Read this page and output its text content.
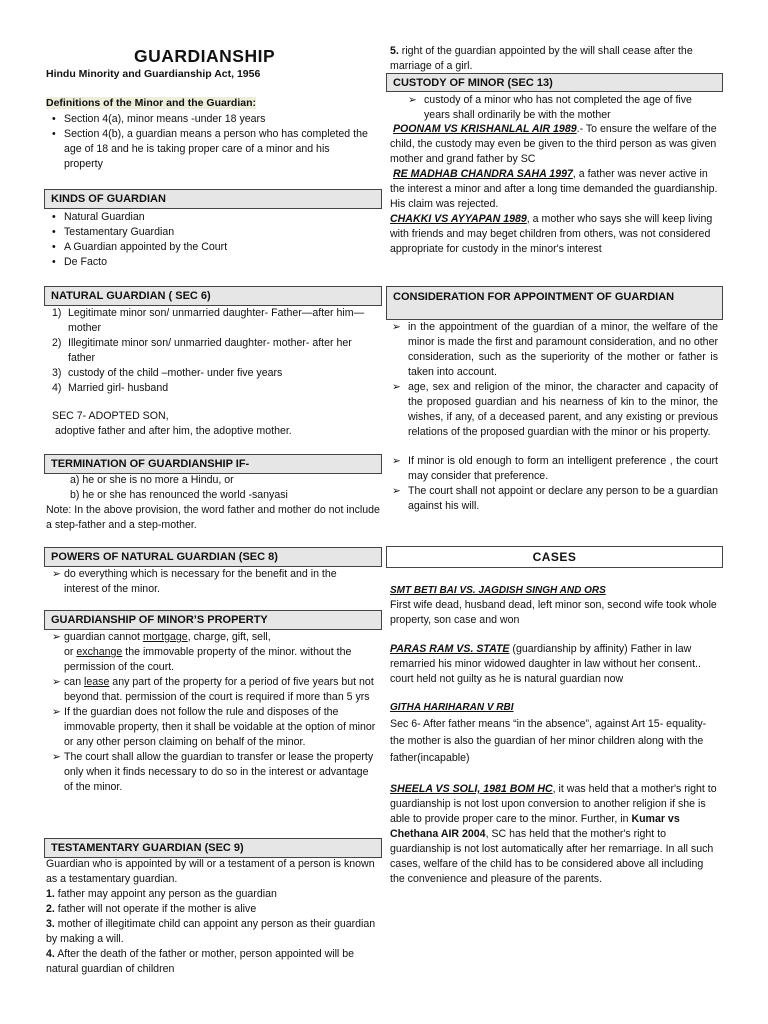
GUARDIANSHIP
Hindu Minority and Guardianship Act, 1956
Definitions of the Minor and the Guardian:
• Section 4(a), minor means -under 18 years
• Section 4(b), a guardian means a person who has completed the age of 18 and he is taking proper care of a minor and his property
KINDS OF GUARDIAN
• Natural Guardian
• Testamentary Guardian
• A Guardian appointed by the Court
• De Facto
NATURAL GUARDIAN ( SEC 6)
1) Legitimate minor son/ unmarried daughter- Father—after him—mother
2) Illegitimate minor son/ unmarried daughter- mother- after her father
3) custody of the child –mother- under five years
4) Married girl- husband
SEC 7- ADOPTED SON,
adoptive father and after him, the adoptive mother.
TERMINATION OF GUARDIANSHIP IF-
a) he or she is no more a Hindu, or
b) he or she has renounced the world -sanyasi
Note: In the above provision, the word father and mother do not include a step-father and a step-mother.
POWERS OF NATURAL GUARDIAN (SEC 8)
➢ do everything which is necessary for the benefit and in the interest of the minor.
GUARDIANSHIP OF MINOR’S PROPERTY
➢ guardian cannot mortgage, charge, gift, sell,
or exchange the immovable property of the minor. without the permission of the court.
➢ can lease any part of the property for a period of five years but not beyond that. permission of the court is required if more than 5 yrs
➢ If the guardian does not follow the rule and disposes of the immovable property, then it shall be voidable at the option of minor or any other person claiming on behalf of the minor.
➢ The court shall allow the guardian to transfer or lease the property only when it finds necessary to do so in the interest or advantage of the minor.
TESTAMENTARY GUARDIAN (SEC 9)
Guardian who is appointed by will or a testament of a person is known as a testamentary guardian.
1. father may appoint any person as the guardian
2. father will not operate if the mother is alive
3. mother of illegitimate child can appoint any person as their guardian by making a will.
4. After the death of the father or mother, person appointed will be natural guardian of children
5. right of the guardian appointed by the will shall cease after the marriage of a girl.
CUSTODY OF MINOR (SEC 13)
➢ custody of a minor who has not completed the age of five years shall ordinarily be with the mother
POONAM VS KRISHANLAL AIR 1989.- To ensure the welfare of the child, the custody may even be given to the third person as was given mother and grand father by SC
RE MADHAB CHANDRA SAHA 1997, a father was never active in the interest a minor and after a long time demanded the guardianship. His claim was rejected.
CHAKKI VS AYYAPAN 1989, a mother who says she will keep living with friends and may beget children from others, was not considered appropriate for custody in the minor's interest
CONSIDERATION FOR APPOINTMENT OF GUARDIAN
➢ in the appointment of the guardian of a minor, the welfare of the minor is made the first and paramount consideration, and no other consideration, such as the superiority of the mother or father is taken into account.
➢ age, sex and religion of the minor, the character and capacity of the proposed guardian and his nearness of kin to the minor, the wishes, if any, of a deceased parent, and any existing or previous relations of the proposed guardian with the minor or his property.
➢ If minor is old enough to form an intelligent preference , the court may consider that preference.
➢ The court shall not appoint or declare any person to be a guardian against his will.
CASES
SMT BETI BAI VS. JAGDISH SINGH AND ORS
First wife dead, husband dead, left minor son, second wife took whole property, son case and won
PARAS RAM VS. STATE (guardianship by affinity) Father in law remarried his minor widowed daughter in law without her consent.. court held not guilty as he is natural guardian now
GITHA HARIHARAN V RBI
Sec 6- After father means “in the absence”, against Art 15- equality-the mother is also the guardian of her minor children along with the father(incapable)
SHEELA VS SOLI, 1981 BOM HC, it was held that a mother's right to guardianship is not lost upon conversion to another religion if she is able to provide proper care to the minor. Further, in Kumar vs Chethana AIR 2004, SC has held that the mother's right to guardianship is not lost automatically after her remarriage. In all such cases, welfare of the child has to be considered above all including the convenience and pleasure of the parents.
